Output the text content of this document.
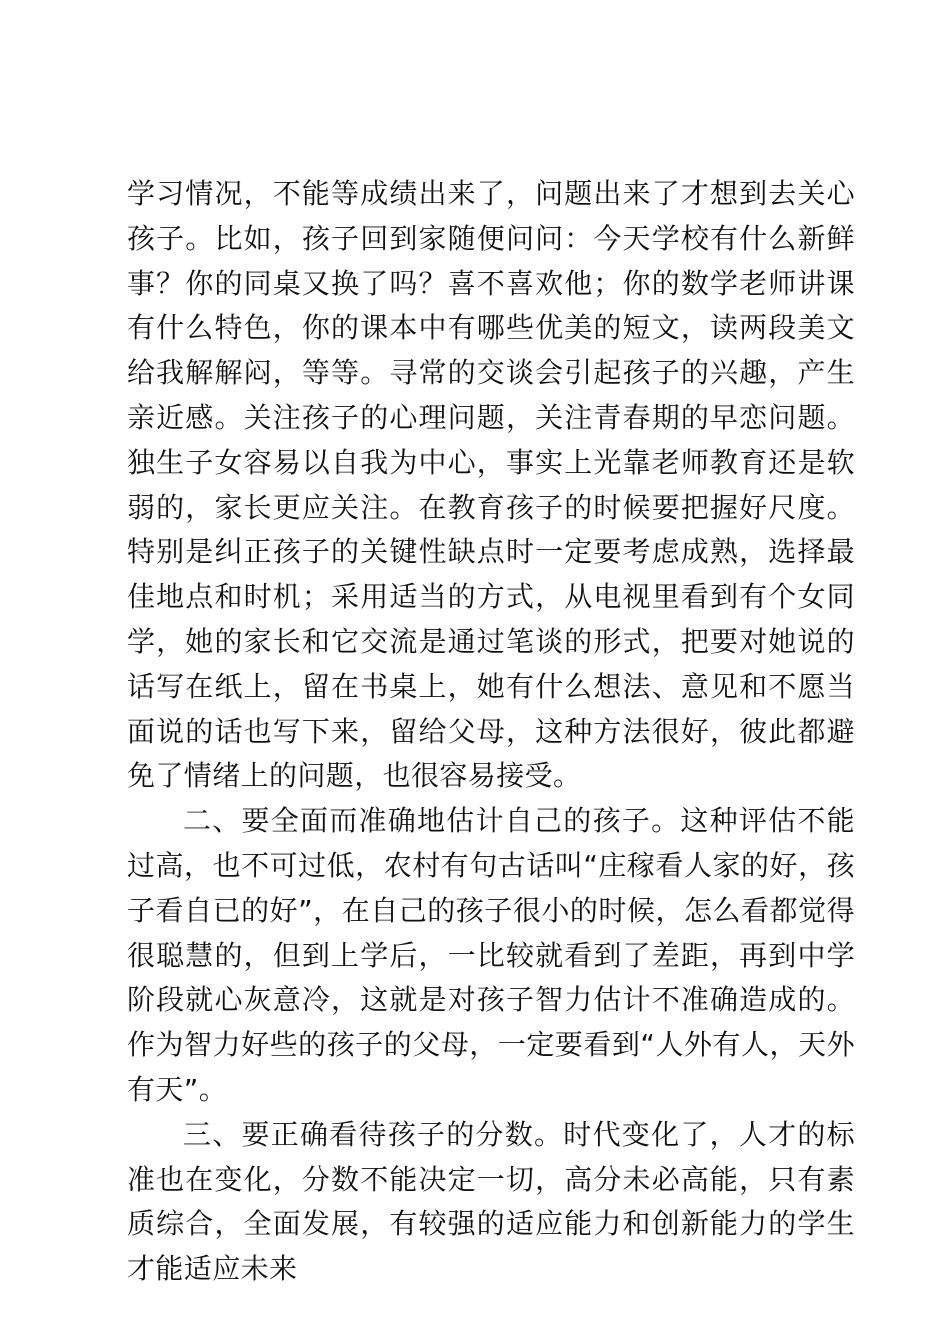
学习情况，不能等成绩出来了，问题出来了才想到去关心孩子。比如，孩子回到家随便问问：今天学校有什么新鲜事？你的同桌又换了吗？喜不喜欢他；你的数学老师讲课有什么特色，你的课本中有哪些优美的短文，读两段美文给我解解闷，等等。寻常的交谈会引起孩子的兴趣，产生亲近感。关注孩子的心理问题，关注青春期的早恋问题。独生子女容易以自我为中心，事实上光靠老师教育还是软弱的，家长更应关注。在教育孩子的时候要把握好尺度。特别是纠正孩子的关键性缺点时一定要考虑成熟，选择最佳地点和时机；采用适当的方式，从电视里看到有个女同学，她的家长和它交流是通过笔谈的形式，把要对她说的话写在纸上，留在书桌上，她有什么想法、意见和不愿当面说的话也写下来，留给父母，这种方法很好，彼此都避免了情绪上的问题，也很容易接受。

二、要全面而准确地估计自己的孩子。这种评估不能过高，也不可过低，农村有句古话叫“庄稼看人家的好，孩子看自已的好”，在自己的孩子很小的时候，怎么看都觉得很聪慧的，但到上学后，一比较就看到了差距，再到中学阶段就心灰意冷，这就是对孩子智力估计不准确造成的。作为智力好些的孩子的父母，一定要看到“人外有人，天外有天”。

三、要正确看待孩子的分数。时代变化了，人才的标准也在变化，分数不能决定一切，高分未必高能，只有素质综合，全面发展，有较强的适应能力和创新能力的学生才能适应未来
